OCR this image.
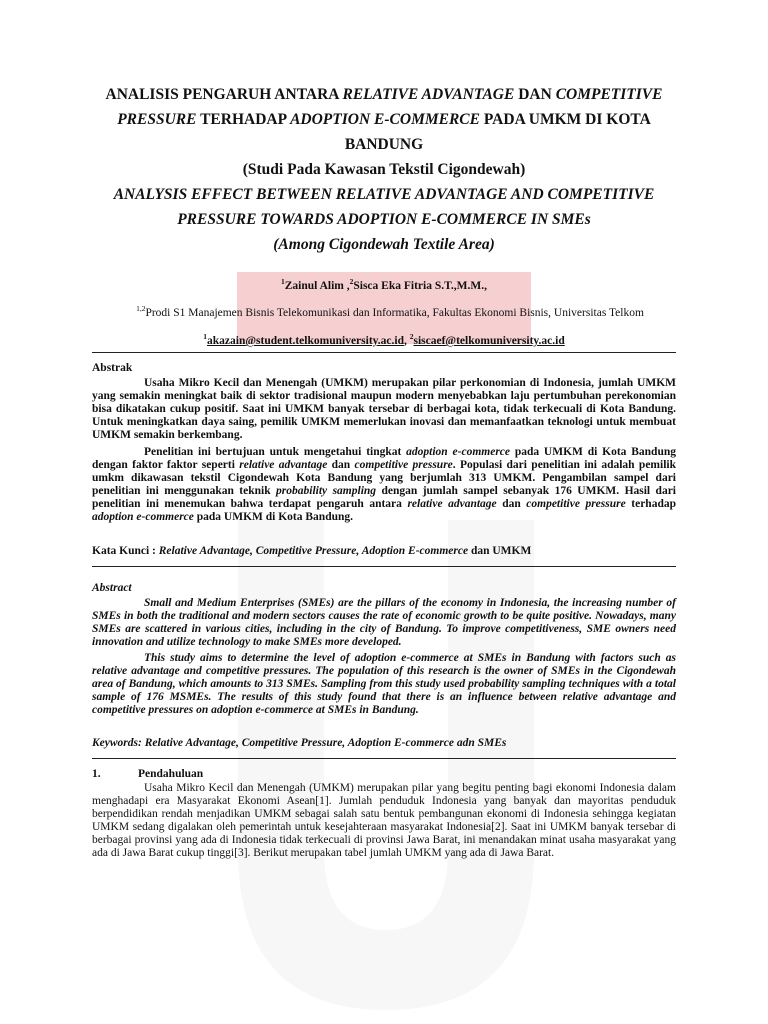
ANALISIS PENGARUH ANTARA RELATIVE ADVANTAGE DAN COMPETITIVE
PRESSURE TERHADAP ADOPTION E-COMMERCE PADA UMKM DI KOTA
BANDUNG
(Studi Pada Kawasan Tekstil Cigondewah)
ANALYSIS EFFECT BETWEEN RELATIVE ADVANTAGE AND COMPETITIVE
PRESSURE TOWARDS ADOPTION E-COMMERCE IN SMEs
(Among Cigondewah Textile Area)
$^1$Zainul Alim ,$^2$Sisca Eka Fitria S.T.,M.M.,
$^{1,2}$Prodi S1 Manajemen Bisnis Telekomunikasi dan Informatika, Fakultas Ekonomi Bisnis, Universitas Telkom
$^1$akazain@student.telkomuniversity.ac.id, $^2$siscaef@telkomuniversity.ac.id
Abstrak
Usaha Mikro Kecil dan Menengah (UMKM) merupakan pilar perkonomian di Indonesia, jumlah UMKM yang semakin meningkat baik di sektor tradisional maupun modern menyebabkan laju pertumbuhan perekonomian bisa dikatakan cukup positif. Saat ini UMKM banyak tersebar di berbagai kota, tidak terkecuali di Kota Bandung. Untuk meningkatkan daya saing, pemilik UMKM memerlukan inovasi dan memanfaatkan teknologi untuk membuat UMKM semakin berkembang.
Penelitian ini bertujuan untuk mengetahui tingkat adoption e-commerce pada UMKM di Kota Bandung dengan faktor faktor seperti relative advantage dan competitive pressure. Populasi dari penelitian ini adalah pemilik umkm dikawasan tekstil Cigondewah Kota Bandung yang berjumlah 313 UMKM. Pengambilan sampel dari penelitian ini menggunakan teknik probability sampling dengan jumlah sampel sebanyak 176 UMKM. Hasil dari penelitian ini menemukan bahwa terdapat pengaruh antara relative advantage dan competitive pressure terhadap adoption e-commerce pada UMKM di Kota Bandung.
Kata Kunci : Relative Advantage, Competitive Pressure, Adoption E-commerce dan UMKM
Abstract
Small and Medium Enterprises (SMEs) are the pillars of the economy in Indonesia, the increasing number of SMEs in both the traditional and modern sectors causes the rate of economic growth to be quite positive. Nowadays, many SMEs are scattered in various cities, including in the city of Bandung. To improve competitiveness, SME owners need innovation and utilize technology to make SMEs more developed.
This study aims to determine the level of adoption e-commerce at SMEs in Bandung with factors such as relative advantage and competitive pressures. The population of this research is the owner of SMEs in the Cigondewah area of Bandung, which amounts to 313 SMEs. Sampling from this study used probability sampling techniques with a total sample of 176 MSMEs. The results of this study found that there is an influence between relative advantage and competitive pressures on adoption e-commerce at SMEs in Bandung.
Keywords: Relative Advantage, Competitive Pressure, Adoption E-commerce adn SMEs
1.	Pendahuluan
Usaha Mikro Kecil dan Menengah (UMKM) merupakan pilar yang begitu penting bagi ekonomi Indonesia dalam menghadapi era Masyarakat Ekonomi Asean[1]. Jumlah penduduk Indonesia yang banyak dan mayoritas penduduk berpendidikan rendah menjadikan UMKM sebagai salah satu bentuk pembangunan ekonomi di Indonesia sehingga kegiatan UMKM sedang digalakan oleh pemerintah untuk kesejahteraan masyarakat Indonesia[2]. Saat ini UMKM banyak tersebar di berbagai provinsi yang ada di Indonesia tidak terkecuali di provinsi Jawa Barat, ini menandakan minat usaha masyarakat yang ada di Jawa Barat cukup tinggi[3]. Berikut merupakan tabel jumlah UMKM yang ada di Jawa Barat.
